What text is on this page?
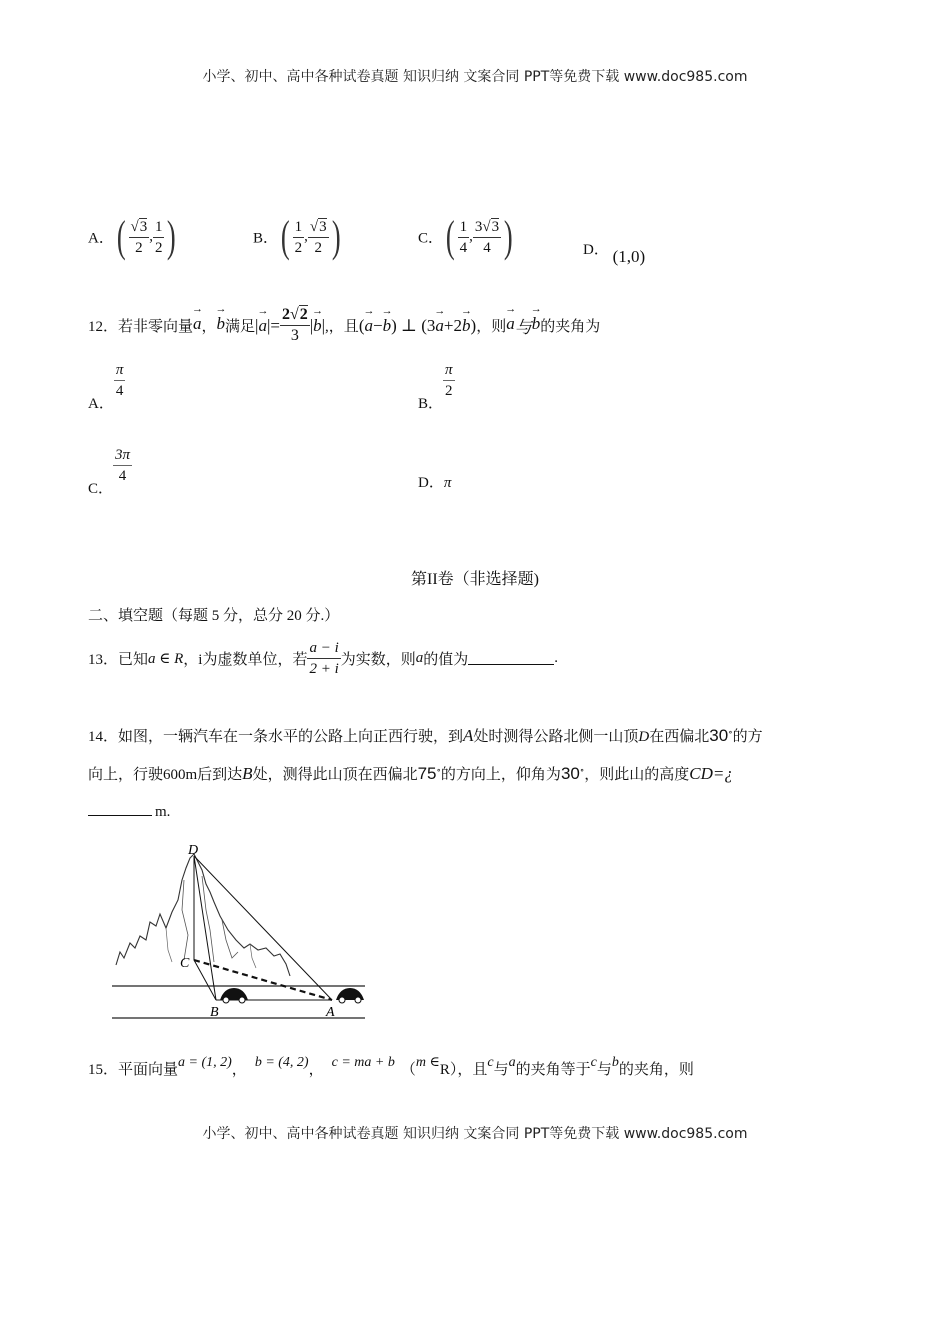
小学、初中、高中各种试卷真题 知识归纳 文案合同 PPT等免费下载 www.doc985.com
A．( $\frac{√3}{2}$ , $\frac{1}{2}$ )	B．( $\frac{1}{2}$ , $\frac{√3}{2}$ )	C．( $\frac{1}{4}$ , $\frac{3√3}{4}$ )	D． (1,0)
12．若非零向量→ a，→ b满足|→ $a|= \frac{2√2}{3}$ |→ b|,，且(→ a−→ b) ⊥ (3→ a+2→ b)，则→ a与→ b的夹角为
A．
$\frac{\pi}{4}$
B．
$\frac{\pi}{2}$
C．
$\frac{3\pi}{4}$	D．π
第II卷（非选择题)
二、填空题（每题 5 分，总分 20 分.）
13．已知a ∈ R，i为虚数单位，若 $\frac{a - i}{2 + i}$ 为实数，则a的值为	.
14．如图，一辆汽车在一条水平的公路上向正西行驶，到A处时测得公路北侧一山顶D在西偏北30∘的方
向上，行驶600m后到达B处，测得此山顶在西偏北75∘的方向上，仰角为30∘，则此山的高度CD=¿
m.
D
C
B	A
15．平面向量a = (1, 2)， b = (4, 2)， c = ma + b （m ∈R），且c与a的夹角等于c与b的夹角，则
小学、初中、高中各种试卷真题 知识归纳 文案合同 PPT等免费下载 www.doc985.com
